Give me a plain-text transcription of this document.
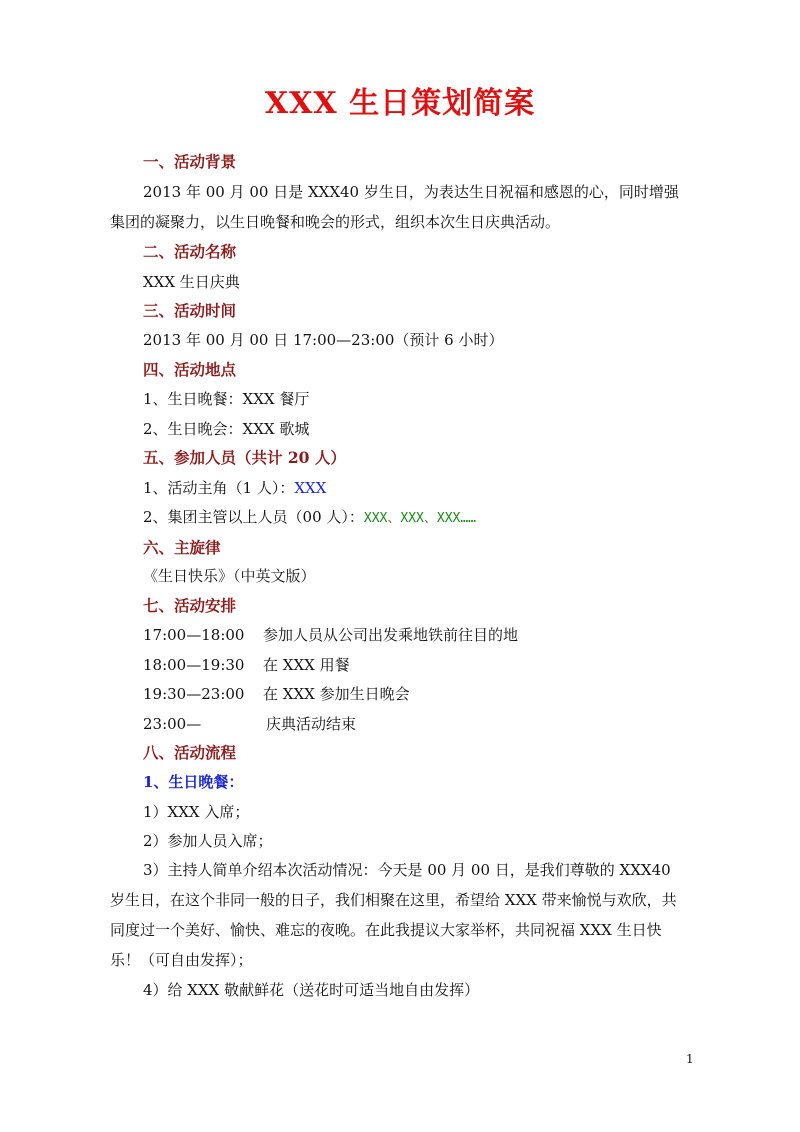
XXX 生日策划简案
一、活动背景
2013 年 00 月 00 日是 XXX40 岁生日，为表达生日祝福和感恩的心，同时增强集团的凝聚力，以生日晚餐和晚会的形式，组织本次生日庆典活动。
二、活动名称
XXX 生日庆典
三、活动时间
2013 年 00 月 00 日 17:00—23:00（预计 6 小时）
四、活动地点
1、生日晚餐：XXX 餐厅
2、生日晚会：XXX 歌城
五、参加人员（共计 20 人）
1、活动主角（1 人）：XXX
2、集团主管以上人员（00 人）：XXX、XXX、XXX……
六、主旋律
《生日快乐》（中英文版）
七、活动安排
17:00—18:00 参加人员从公司出发乘地铁前往目的地
18:00—19:30 在 XXX 用餐
19:30—23:00 在 XXX 参加生日晚会
23:00—	庆典活动结束
八、活动流程
1、生日晚餐：
1）XXX 入席；
2）参加人员入席；
3）主持人简单介绍本次活动情况：今天是 00 月 00 日，是我们尊敬的 XXX40 岁生日，在这个非同一般的日子，我们相聚在这里，希望给 XXX 带来愉悦与欢欣，共同度过一个美好、愉快、难忘的夜晚。在此我提议大家举杯，共同祝福 XXX 生日快乐！（可自由发挥）；
4）给 XXX 敬献鲜花（送花时可适当地自由发挥）
1
